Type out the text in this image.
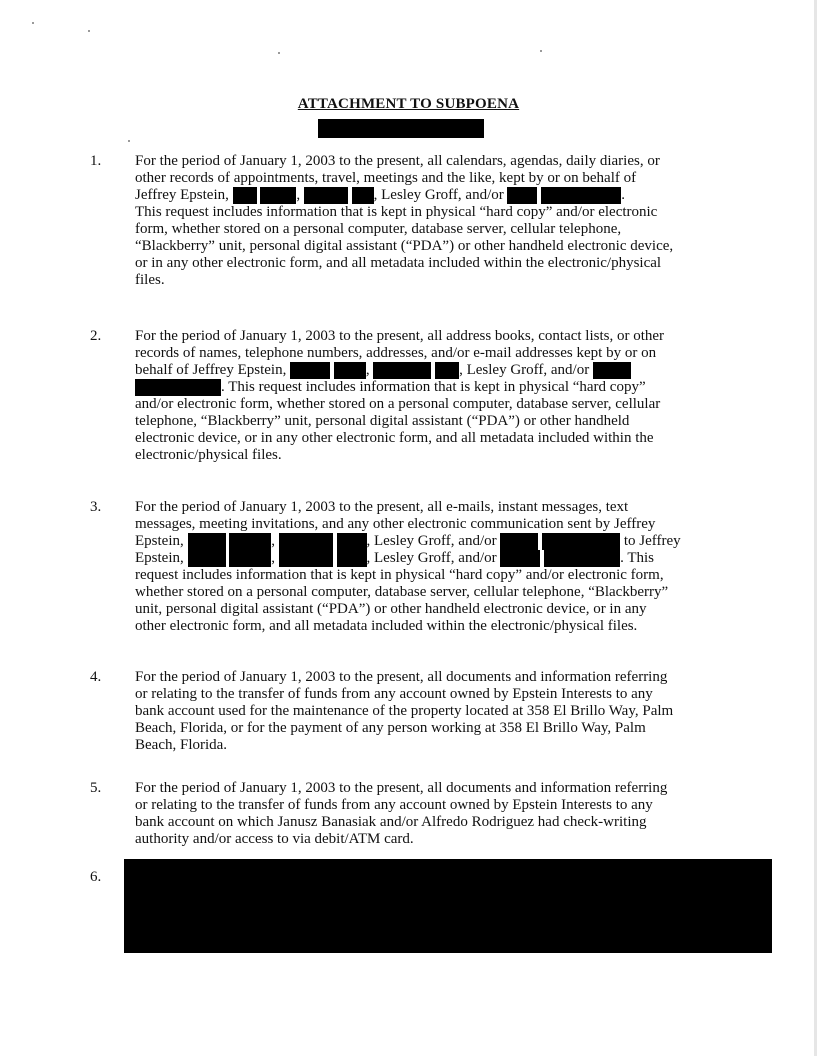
ATTACHMENT TO SUBPOENA
1. For the period of January 1, 2003 to the present, all calendars, agendas, daily diaries, or
other records of appointments, travel, meetings and the like, kept by or on behalf of
Jeffrey Epstein,	,	, Lesley Groff, and/or	.
This request includes information that is kept in physical “hard copy” and/or electronic
form, whether stored on a personal computer, database server, cellular telephone,
“Blackberry” unit, personal digital assistant (“PDA”) or other handheld electronic device,
or in any other electronic form, and all metadata included within the electronic/physical
files.
2. For the period of January 1, 2003 to the present, all address books, contact lists, or other
records of names, telephone numbers, addresses, and/or e-mail addresses kept by or on
behalf of Jeffrey Epstein,	,	, Lesley Groff, and/or
. This request includes information that is kept in physical “hard copy”
and/or electronic form, whether stored on a personal computer, database server, cellular
telephone, “Blackberry” unit, personal digital assistant (“PDA”) or other handheld
electronic device, or in any other electronic form, and all metadata included within the
electronic/physical files.
3. For the period of January 1, 2003 to the present, all e-mails, instant messages, text
messages, meeting invitations, and any other electronic communication sent by Jeffrey
Epstein,	,	, Lesley Groff, and/or	to Jeffrey
Epstein,	,	, Lesley Groff, and/or	. This
request includes information that is kept in physical “hard copy” and/or electronic form,
whether stored on a personal computer, database server, cellular telephone, “Blackberry”
unit, personal digital assistant (“PDA”) or other handheld electronic device, or in any
other electronic form, and all metadata included within the electronic/physical files.
4. For the period of January 1, 2003 to the present, all documents and information referring
or relating to the transfer of funds from any account owned by Epstein Interests to any
bank account used for the maintenance of the property located at 358 El Brillo Way, Palm
Beach, Florida, or for the payment of any person working at 358 El Brillo Way, Palm
Beach, Florida.
5. For the period of January 1, 2003 to the present, all documents and information referring
or relating to the transfer of funds from any account owned by Epstein Interests to any
bank account on which Janusz Banasiak and/or Alfredo Rodriguez had check-writing
authority and/or access to via debit/ATM card.
6.
